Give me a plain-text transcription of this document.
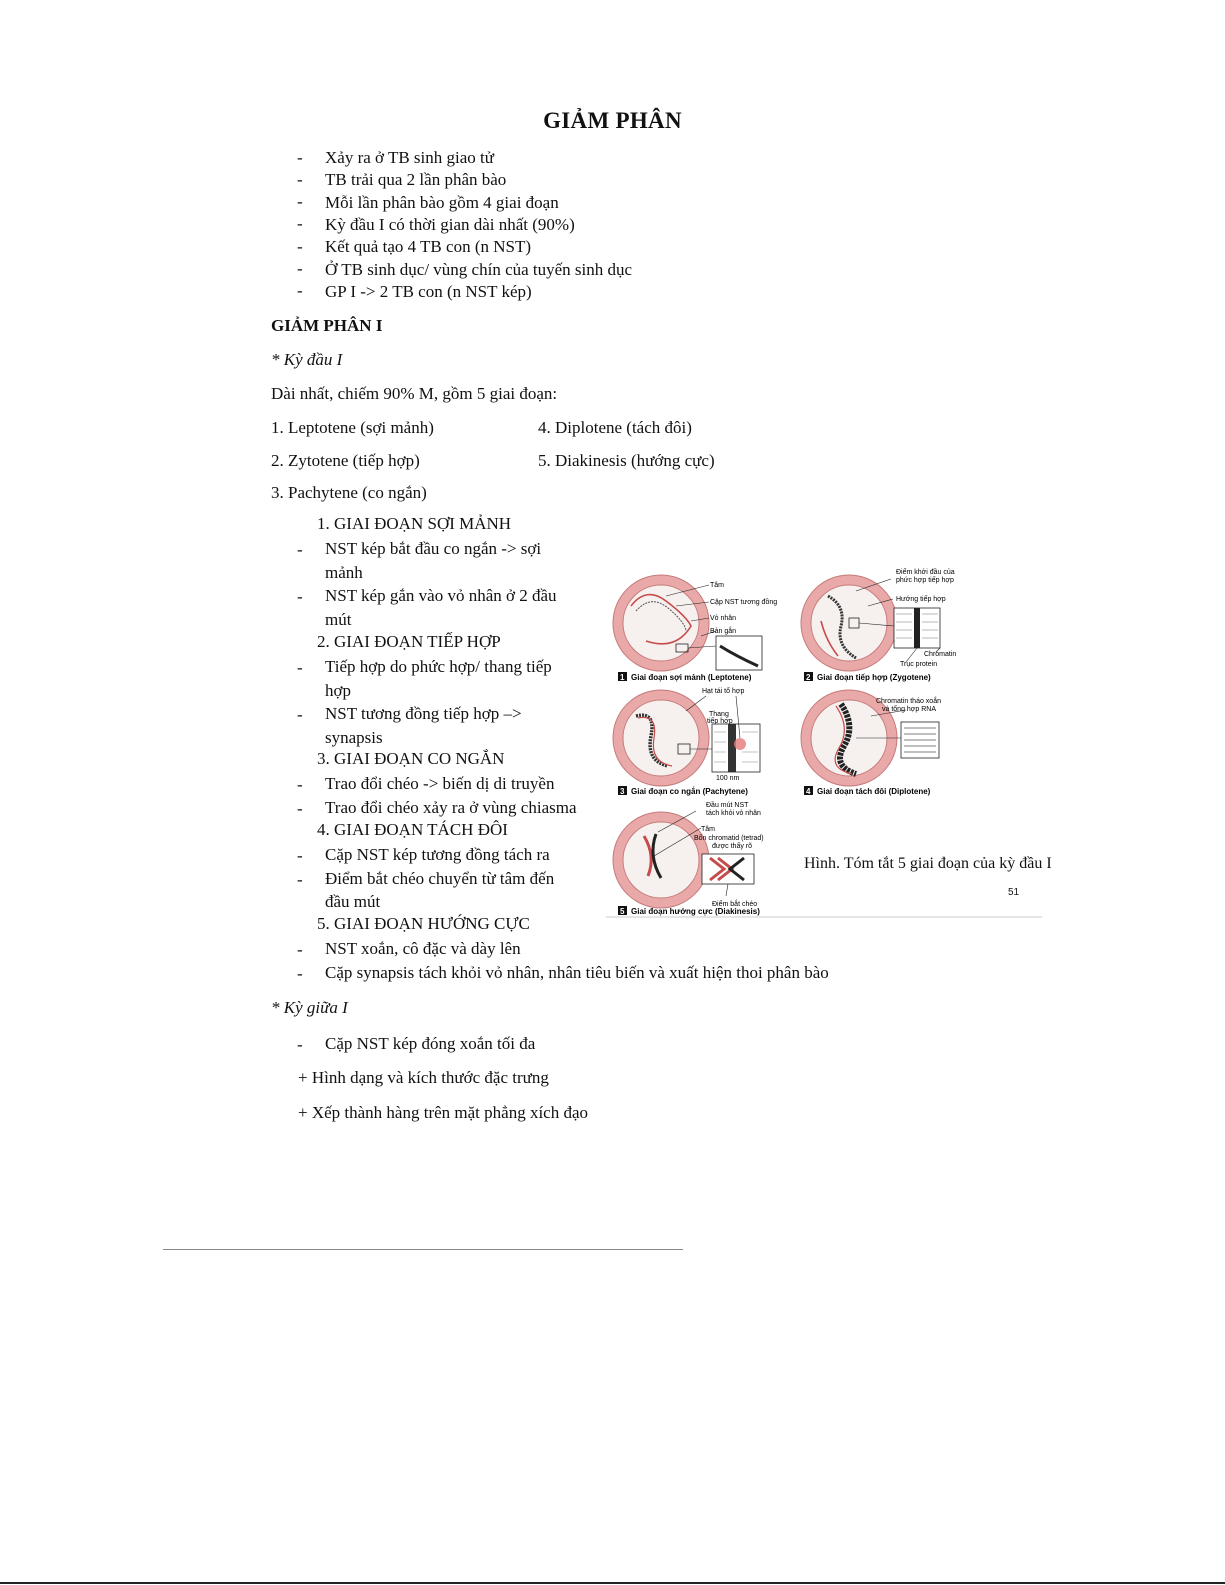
GIẢM PHÂN
- Xảy ra ở TB sinh giao tử
- TB trải qua 2 lần phân bào
- Mỗi lần phân bào gồm 4 giai đoạn
- Kỳ đầu I có thời gian dài nhất (90%)
- Kết quả tạo 4 TB con (n NST)
- Ở TB sinh dục/ vùng chín của tuyến sinh dục
- GP I -> 2 TB con (n NST kép)
GIẢM PHÂN I
* Kỳ đầu I
Dài nhất, chiếm 90% M, gồm 5 giai đoạn:
1. Leptotene (sợi mảnh)
2. Zytotene (tiếp hợp)
3. Pachytene (co ngắn)
4. Diplotene (tách đôi)
5. Diakinesis (hướng cực)
1. GIAI ĐOẠN SỢI MẢNH
- NST kép bắt đầu co ngắn -> sợi
mảnh
- NST kép gắn vào vỏ nhân ở 2 đầu
mút
2. GIAI ĐOẠN TIẾP HỢP
- Tiếp hợp do phức hợp/ thang tiếp
hợp
- NST tương đồng tiếp hợp –>
synapsis
3. GIAI ĐOẠN CO NGẮN
- Trao đổi chéo -> biến dị di truyền
- Trao đổi chéo xảy ra ở vùng chiasma
4. GIAI ĐOẠN TÁCH ĐÔI
- Cặp NST kép tương đồng tách ra
- Điểm bắt chéo chuyển từ tâm đến
đầu mút
5. GIAI ĐOẠN HƯỚNG CỰC
- NST xoắn, cô đặc và dày lên
- Cặp synapsis tách khỏi vỏ nhân, nhân tiêu biến và xuất hiện thoi phân bào
Tâm
Cặp NST tương đồng
Vỏ nhân
Bản gắn
1 Giai đoạn sợi mảnh (Leptotene)
Điểm khởi đầu của
phức hợp tiếp hợp
Hướng tiếp hợp
Chromatin
Trục protein
2 Giai đoạn tiếp hợp (Zygotene)
Hạt tái tổ hợp
Thang
tiếp hợp
100 nm
3 Giai đoạn co ngắn (Pachytene)
Chromatin tháo xoắn
và tổng hợp RNA
4 Giai đoạn tách đôi (Diplotene)
Đầu mút NST
tách khỏi vỏ nhân
Tâm
Bốn chromatid (tetrad)
được thấy rõ
Điểm bắt chéo
5 Giai đoạn hướng cực (Diakinesis)
Hình. Tóm tắt 5 giai đoạn của kỳ đầu I
51
* Kỳ giữa I
- Cặp NST kép đóng xoắn tối đa
+ Hình dạng và kích thước đặc trưng
+ Xếp thành hàng trên mặt phẳng xích đạo
